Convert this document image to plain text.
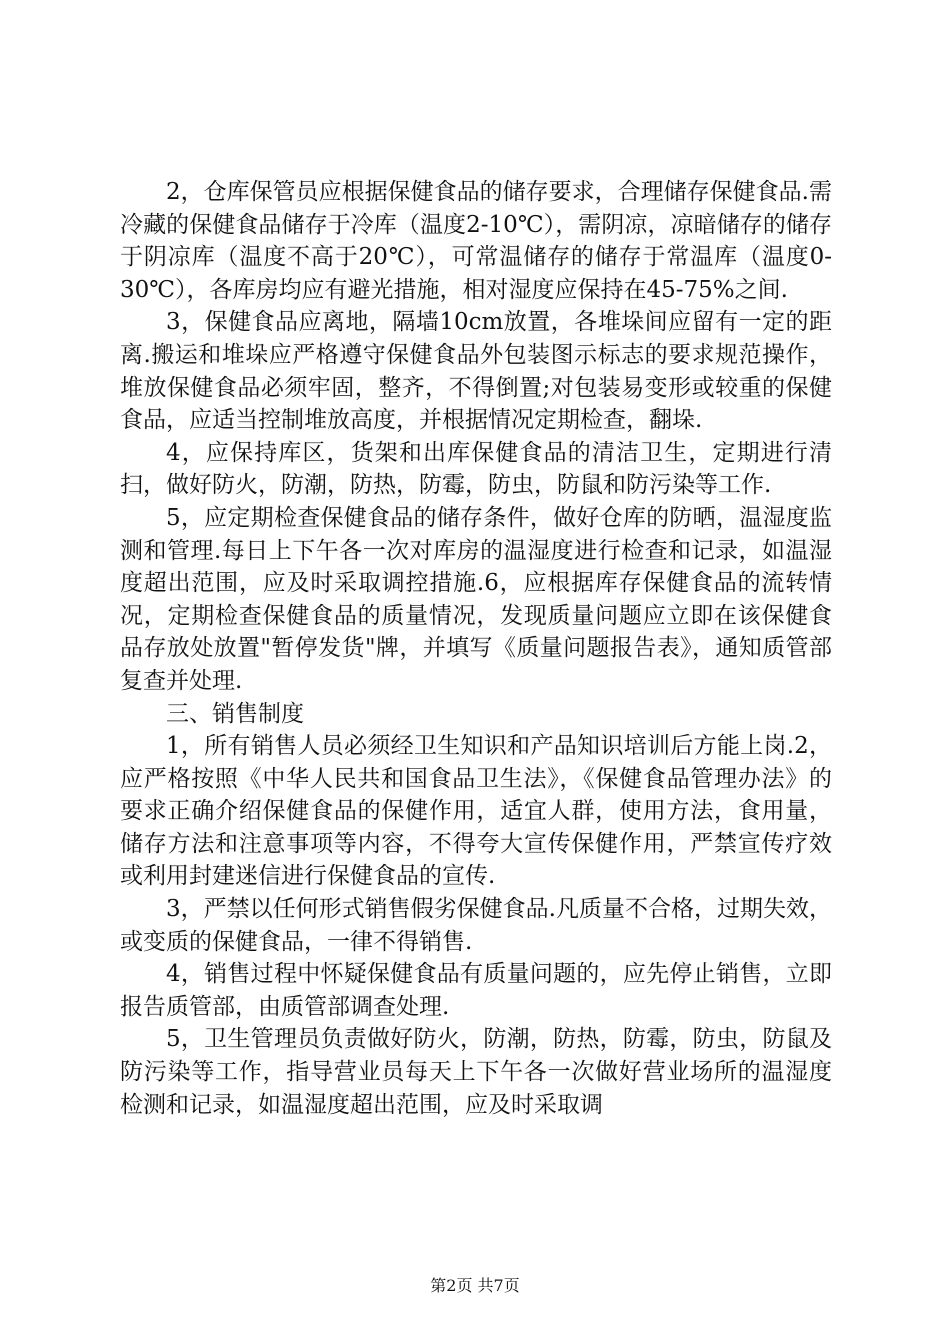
2，仓库保管员应根据保健食品的储存要求，合理储存保健食品.需冷藏的保健食品储存于冷库（温度2-10℃），需阴凉，凉暗储存的储存于阴凉库（温度不高于20℃），可常温储存的储存于常温库（温度0-30℃），各库房均应有避光措施，相对湿度应保持在45-75%之间.

3，保健食品应离地，隔墙10cm放置，各堆垛间应留有一定的距离.搬运和堆垛应严格遵守保健食品外包装图示标志的要求规范操作，堆放保健食品必须牢固，整齐，不得倒置;对包装易变形或较重的保健食品，应适当控制堆放高度，并根据情况定期检查，翻垛.

4，应保持库区，货架和出库保健食品的清洁卫生，定期进行清扫，做好防火，防潮，防热，防霉，防虫，防鼠和防污染等工作.

5，应定期检查保健食品的储存条件，做好仓库的防晒，温湿度监测和管理.每日上下午各一次对库房的温湿度进行检查和记录，如温湿度超出范围，应及时采取调控措施.6，应根据库存保健食品的流转情况，定期检查保健食品的质量情况，发现质量问题应立即在该保健食品存放处放置"暂停发货"牌，并填写《质量问题报告表》，通知质管部复查并处理.

三、销售制度

1，所有销售人员必须经卫生知识和产品知识培训后方能上岗.2，应严格按照《中华人民共和国食品卫生法》，《保健食品管理办法》的要求正确介绍保健食品的保健作用，适宜人群，使用方法，食用量，储存方法和注意事项等内容，不得夸大宣传保健作用，严禁宣传疗效或利用封建迷信进行保健食品的宣传.

3，严禁以任何形式销售假劣保健食品.凡质量不合格，过期失效，或变质的保健食品，一律不得销售.

4，销售过程中怀疑保健食品有质量问题的，应先停止销售，立即报告质管部，由质管部调查处理.

5，卫生管理员负责做好防火，防潮，防热，防霉，防虫，防鼠及防污染等工作，指导营业员每天上下午各一次做好营业场所的温湿度检测和记录，如温湿度超出范围，应及时采取调

第2页 共7页
